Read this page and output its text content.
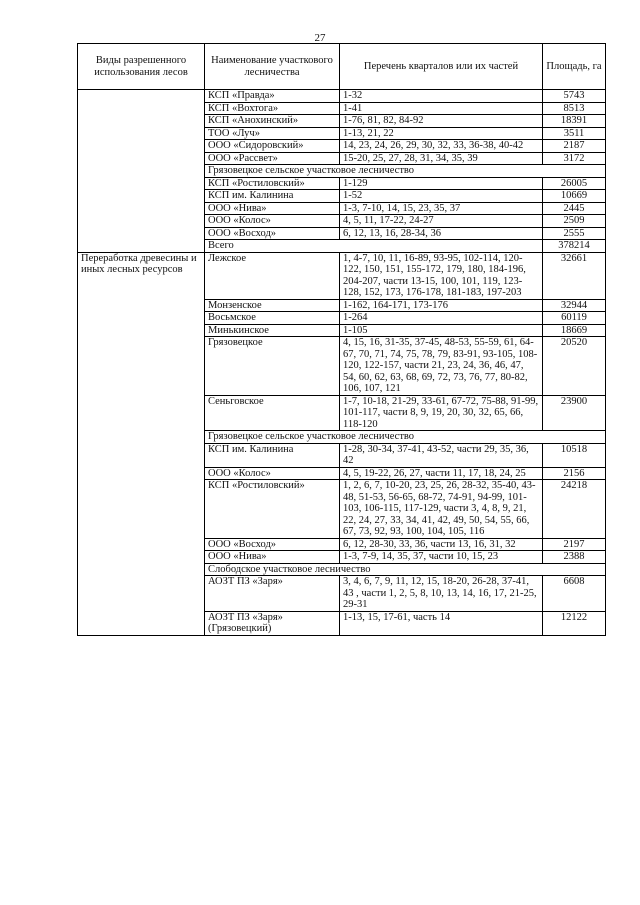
27
Виды разрешенного использования лесов	Наименование участкового лесничества	Перечень кварталов или их частей	Площадь, га
	КСП «Правда»	1-32	5743
	КСП «Вохтога»	1-41	8513
	КСП «Анохинский»	1-76, 81, 82, 84-92	18391
	ТОО «Луч»	1-13, 21, 22	3511
	ООО «Сидоровский»	14, 23, 24, 26, 29, 30, 32, 33, 36-38, 40-42	2187
	ООО «Рассвет»	15-20, 25, 27, 28, 31, 34, 35, 39	3172
	Грязовецкое сельское участковое лесничество		
	КСП «Ростиловский»	1-129	26005
	КСП им. Калинина	1-52	10669
	ООО «Нива»	1-3, 7-10, 14, 15, 23, 35, 37	2445
	ООО «Колос»	4, 5, 11, 17-22, 24-27	2509
	ООО «Восход»	6, 12, 13, 16, 28-34, 36	2555
	Всего		378214
Переработка древесины и иных лесных ресурсов	Лежское	1, 4-7, 10, 11, 16-89, 93-95, 102-114, 120-122, 150, 151, 155-172, 179, 180, 184-196, 204-207, части 13-15, 100, 101, 119, 123-128, 152, 173, 176-178, 181-183, 197-203	32661
	Монзенское	1-162, 164-171, 173-176	32944
	Восьмское	1-264	60119
	Минькинское	1-105	18669
	Грязовецкое	4, 15, 16, 31-35, 37-45, 48-53, 55-59, 61, 64-67, 70, 71, 74, 75, 78, 79, 83-91, 93-105, 108-120, 122-157, части 21, 23, 24, 36, 46, 47, 54, 60, 62, 63, 68, 69, 72, 73, 76, 77, 80-82, 106, 107, 121	20520
	Сеньговское	1-7, 10-18, 21-29, 33-61, 67-72, 75-88, 91-99, 101-117, части 8, 9, 19, 20, 30, 32, 65, 66, 118-120	23900
	Грязовецкое сельское участковое лесничество		
	КСП им. Калинина	1-28, 30-34, 37-41, 43-52, части 29, 35, 36, 42	10518
	ООО «Колос»	4, 5, 19-22, 26, 27, части 11, 17, 18, 24, 25	2156
	КСП «Ростиловский»	1, 2, 6, 7, 10-20, 23, 25, 26, 28-32, 35-40, 43-48, 51-53, 56-65, 68-72, 74-91, 94-99, 101-103, 106-115, 117-129, части 3, 4, 8, 9, 21, 22, 24, 27, 33, 34, 41, 42, 49, 50, 54, 55, 66, 67, 73, 92, 93, 100, 104, 105, 116	24218
	ООО «Восход»	6, 12, 28-30, 33, 36, части 13, 16, 31, 32	2197
	ООО «Нива»	1-3, 7-9, 14, 35, 37, части 10, 15, 23	2388
	Слободское участковое лесничество		
	АОЗТ ПЗ «Заря»	3, 4, 6, 7, 9, 11, 12, 15, 18-20, 26-28, 37-41, 43 , части 1, 2, 5, 8, 10, 13, 14, 16, 17, 21-25, 29-31	6608
	АОЗТ ПЗ «Заря» (Грязовецкий)	1-13, 15, 17-61, часть 14	12122
